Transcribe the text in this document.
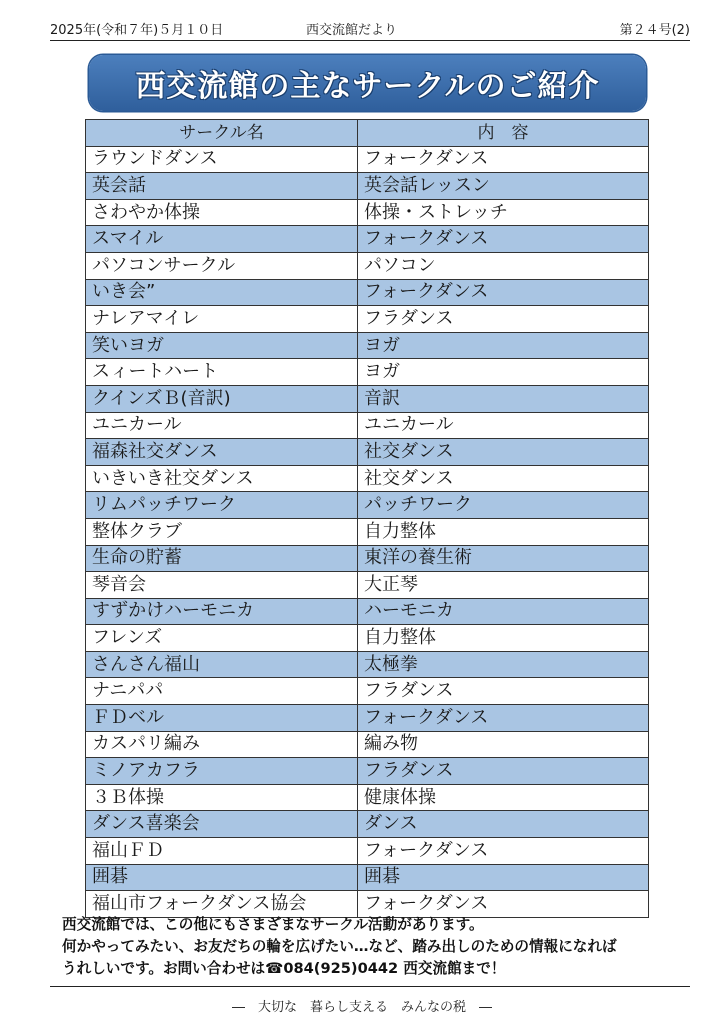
2025年(令和７年)５月１０日	西交流館だより	第２４号(2)
西交流館の主なサークルのご紹介
サークル名	内　容
ラウンドダンス	フォークダンス
英会話	英会話レッスン
さわやか体操	体操・ストレッチ
スマイル	フォークダンス
パソコンサークル	パソコン
いき会”	フォークダンス
ナレアマイレ	フラダンス
笑いヨガ	ヨガ
スィートハート	ヨガ
クインズＢ(音訳)	音訳
ユニカール	ユニカール
福森社交ダンス	社交ダンス
いきいき社交ダンス	社交ダンス
リムパッチワーク	パッチワーク
整体クラブ	自力整体
生命の貯蓄	東洋の養生術
琴音会	大正琴
すずかけハーモニカ	ハーモニカ
フレンズ	自力整体
さんさん福山	太極拳
ナニパパ	フラダンス
ＦＤベル	フォークダンス
カスパリ編み	編み物
ミノアカフラ	フラダンス
３Ｂ体操	健康体操
ダンス喜楽会	ダンス
福山ＦＤ	フォークダンス
囲碁	囲碁
福山市フォークダンス協会	フォークダンス
西交流館では、この他にもさまざまなサークル活動があります。
何かやってみたい、お友だちの輪を広げたい…など、踏み出しのための情報になれば
うれしいです。お問い合わせは☎084(925)0442 西交流館まで！
―　大切な　暮らし支える　みんなの税　―
